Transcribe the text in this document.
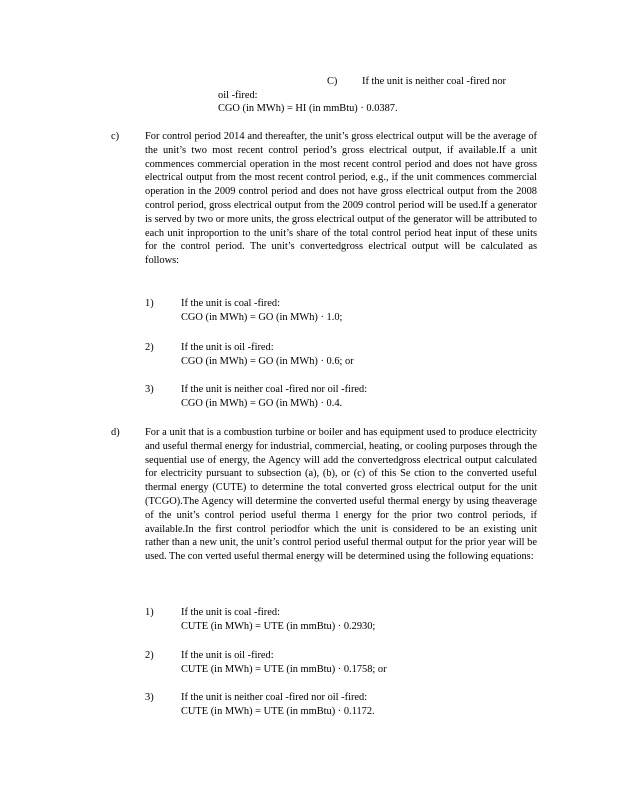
C) If the unit is neither coal -fired nor
oil -fired:
CGO (in MWh) = HI (in mmBtu) · 0.0387.
c) For control period 2014 and thereafter, the unit’s gross electrical output will be the average of the unit’s two most recent control period’s gross electrical output, if available.If a unit commences commercial operation in the most recent control period and does not have gross electrical output from the most recent control period, e.g., if the unit commences commercial operation in the 2009 control period and does not have gross electrical output from the 2008 control period, gross electrical output from the 2009 control period will be used.If a generator is served by two or more units, the gross electrical output of the generator will be attributed to each unit inproportion to the unit’s share of the total control period heat input of these units for the control period. The unit’s convertedgross electrical output will be calculated as follows:
1)	If the unit is coal -fired:
CGO (in MWh) = GO (in MWh) · 1.0;
2)	If the unit is oil -fired:
CGO (in MWh) = GO (in MWh) · 0.6; or
3)	If the unit is neither coal -fired nor oil -fired:
CGO (in MWh) = GO (in MWh) · 0.4.
d) For a unit that is a combustion turbine or boiler and has equipment used to produce electricity and useful thermal energy for industrial, commercial, heating, or cooling purposes through the sequential use of energy, the Agency will add the convertedgross electrical output calculated for electricity pursuant to subsection (a), (b), or (c) of this Se ction to the converted useful thermal energy (CUTE) to determine the total converted gross electrical output for the unit (TCGO).The Agency will determine the converted useful thermal energy by using theaverage of the unit’s control period useful therma l energy for the prior two control periods, if available.In the first control periodfor which the unit is considered to be an existing unit rather than a new unit, the unit’s control period useful thermal output for the prior year will be used. The con verted useful thermal energy will be determined using the following equations:
1)	If the unit is coal -fired:
CUTE (in MWh) = UTE (in mmBtu) · 0.2930;
2)	If the unit is oil -fired:
CUTE (in MWh) = UTE (in mmBtu) · 0.1758; or
3)	If the unit is neither coal -fired nor oil -fired:
CUTE (in MWh) = UTE (in mmBtu) · 0.1172.
